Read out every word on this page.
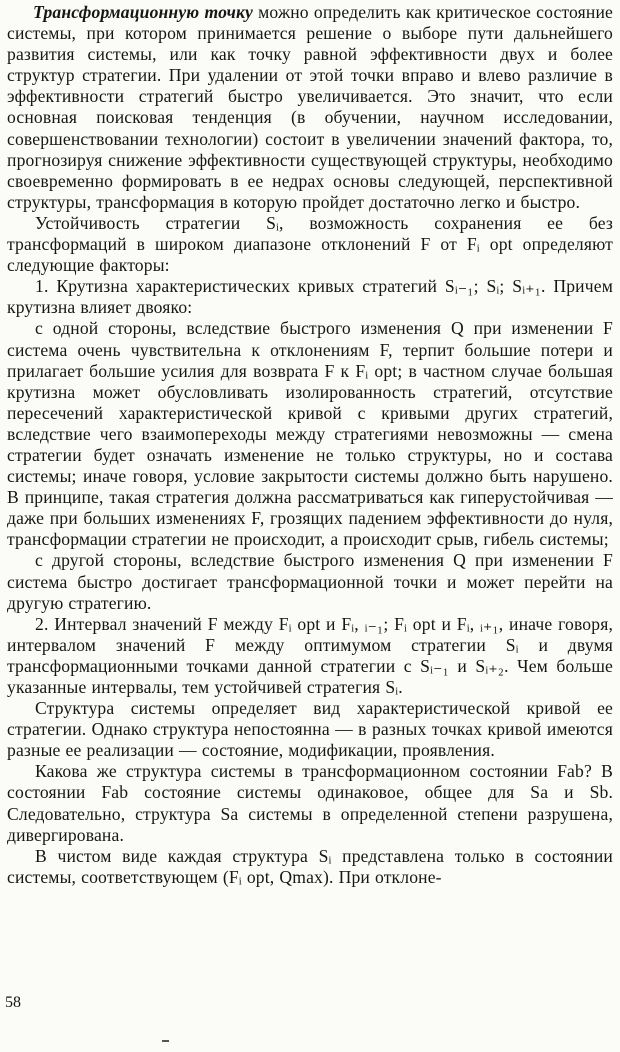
Трансформационную точку можно определить как критическое состояние системы, при котором принимается решение о выборе пути дальнейшего развития системы, или как точку равной эффективности двух и более структур стратегии. При удалении от этой точки вправо и влево различие в эффективности стратегий быстро увеличивается. Это значит, что если основная поисковая тенденция (в обучении, научном исследовании, совершенствовании технологии) состоит в увеличении значений фактора, то, прогнозируя снижение эффективности существующей структуры, необходимо своевременно формировать в ее недрах основы следующей, перспективной структуры, трансформация в которую пройдет достаточно легко и быстро.

Устойчивость стратегии Sᵢ, возможность сохранения ее без трансформаций в широком диапазоне отклонений F от Fᵢ opt определяют следующие факторы:

1. Крутизна характеристических кривых стратегий Sᵢ₋₁; Sᵢ; Sᵢ₊₁. Причем крутизна влияет двояко:

с одной стороны, вследствие быстрого изменения Q при изменении F система очень чувствительна к отклонениям F, терпит большие потери и прилагает большие усилия для возврата F к Fᵢ opt; в частном случае большая крутизна может обусловливать изолированность стратегий, отсутствие пересечений характеристической кривой с кривыми других стратегий, вследствие чего взаимопереходы между стратегиями невозможны — смена стратегии будет означать изменение не только структуры, но и состава системы; иначе говоря, условие закрытости системы должно быть нарушено. В принципе, такая стратегия должна рассматриваться как гиперустойчивая — даже при больших изменениях F, грозящих падением эффективности до нуля, трансформации стратегии не происходит, а происходит срыв, гибель системы;

с другой стороны, вследствие быстрого изменения Q при изменении F система быстро достигает трансформационной точки и может перейти на другую стратегию.

2. Интервал значений F между Fᵢ opt и Fᵢ, ᵢ₋₁; Fᵢ opt и Fᵢ, ᵢ₊₁, иначе говоря, интервалом значений F между оптимумом стратегии Sᵢ и двумя трансформационными точками данной стратегии с Sᵢ₋₁ и Sᵢ₊₂. Чем больше указанные интервалы, тем устойчивей стратегия Sᵢ.

Структура системы определяет вид характеристической кривой ее стратегии. Однако структура непостоянна — в разных точках кривой имеются разные ее реализации — состояние, модификации, проявления.

Какова же структура системы в трансформационном состоянии Fab? В состоянии Fab состояние системы одинаковое, общее для Sa и Sb. Следовательно, структура Sa системы в определенной степени разрушена, дивергирована.

В чистом виде каждая структура Sᵢ представлена только в состоянии системы, соответствующем (Fᵢ opt, Qmax). При отклоне-

58
